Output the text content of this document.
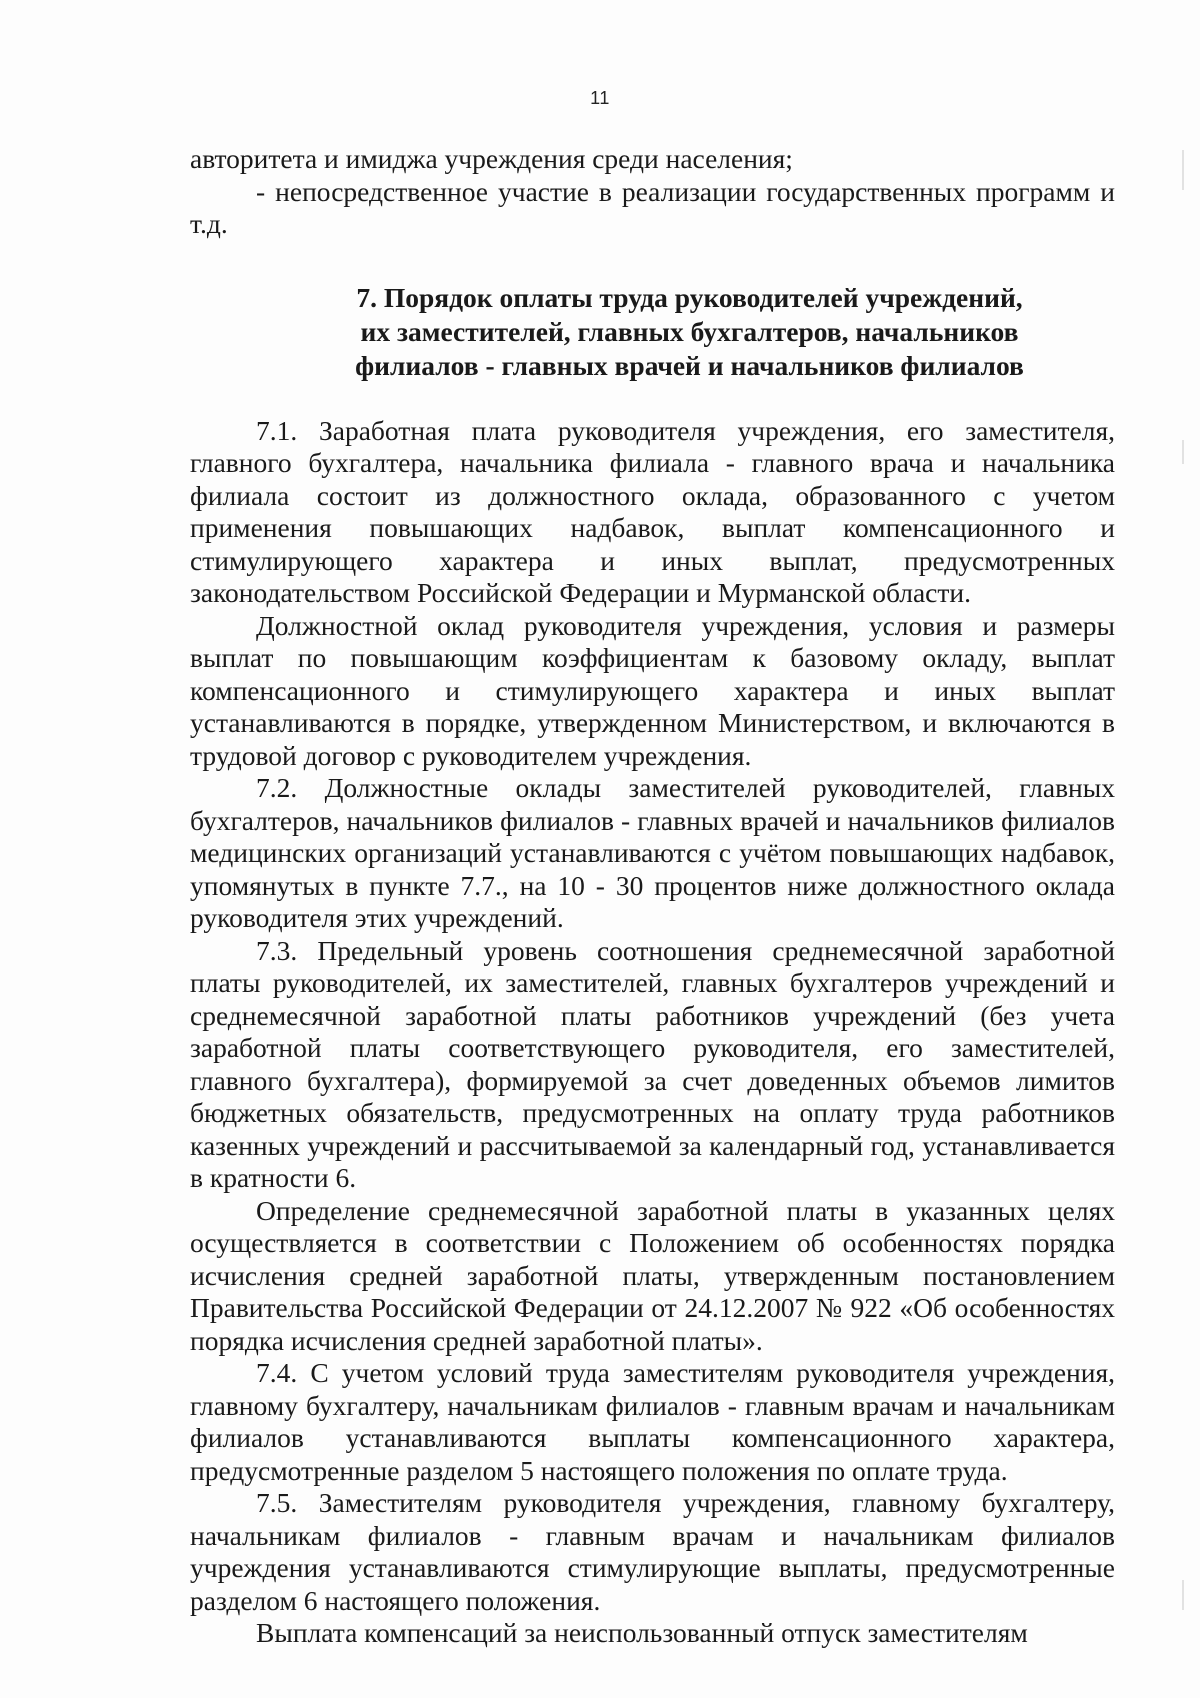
11

авторитета и имиджа учреждения среди населения;

- непосредственное участие в реализации государственных программ и т.д.

7. Порядок оплаты труда руководителей учреждений,
их заместителей, главных бухгалтеров, начальников
филиалов - главных врачей и начальников филиалов

7.1. Заработная плата руководителя учреждения, его заместителя, главного бухгалтера, начальника филиала - главного врача и начальника филиала состоит из должностного оклада, образованного с учетом применения повышающих надбавок, выплат компенсационного и стимулирующего характера и иных выплат, предусмотренных законодательством Российской Федерации и Мурманской области.

Должностной оклад руководителя учреждения, условия и размеры выплат по повышающим коэффициентам к базовому окладу, выплат компенсационного и стимулирующего характера и иных выплат устанавливаются в порядке, утвержденном Министерством, и включаются в трудовой договор с руководителем учреждения.

7.2. Должностные оклады заместителей руководителей, главных бухгалтеров, начальников филиалов - главных врачей и начальников филиалов медицинских организаций устанавливаются с учётом повышающих надбавок, упомянутых в пункте 7.7., на 10 - 30 процентов ниже должностного оклада руководителя этих учреждений.

7.3. Предельный уровень соотношения среднемесячной заработной платы руководителей, их заместителей, главных бухгалтеров учреждений и среднемесячной заработной платы работников учреждений (без учета заработной платы соответствующего руководителя, его заместителей, главного бухгалтера), формируемой за счет доведенных объемов лимитов бюджетных обязательств, предусмотренных на оплату труда работников казенных учреждений и рассчитываемой за календарный год, устанавливается в кратности 6.

Определение среднемесячной заработной платы в указанных целях осуществляется в соответствии с Положением об особенностях порядка исчисления средней заработной платы, утвержденным постановлением Правительства Российской Федерации от 24.12.2007 № 922 «Об особенностях порядка исчисления средней заработной платы».

7.4. С учетом условий труда заместителям руководителя учреждения, главному бухгалтеру, начальникам филиалов - главным врачам и начальникам филиалов устанавливаются выплаты компенсационного характера, предусмотренные разделом 5 настоящего положения по оплате труда.

7.5. Заместителям руководителя учреждения, главному бухгалтеру, начальникам филиалов - главным врачам и начальникам филиалов учреждения устанавливаются стимулирующие выплаты, предусмотренные разделом 6 настоящего положения.

Выплата компенсаций за неиспользованный отпуск заместителям
